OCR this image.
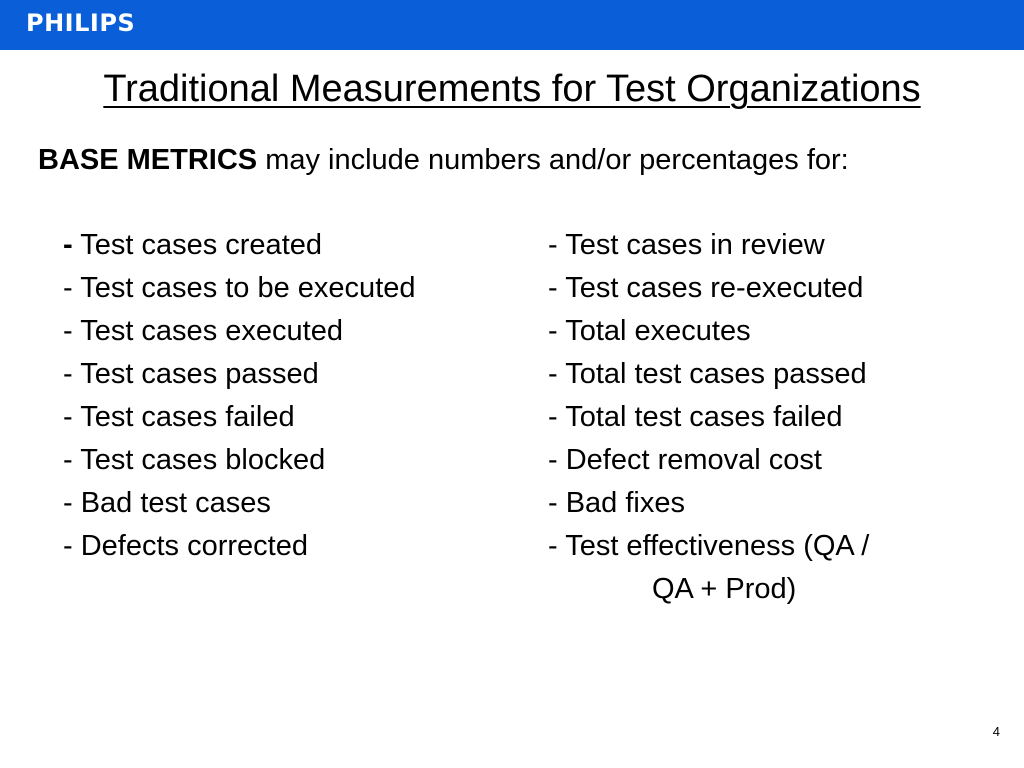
PHILIPS
Traditional Measurements for Test Organizations
BASE METRICS may include numbers and/or percentages for:
- Test cases created
- Test cases to be executed
- Test cases executed
- Test cases passed
- Test cases failed
- Test cases blocked
- Bad test cases
- Defects corrected
- Test cases in review
- Test cases re-executed
- Total executes
- Total test cases passed
- Total test cases failed
- Defect removal cost
- Bad fixes
- Test effectiveness (QA /
QA + Prod)
4
